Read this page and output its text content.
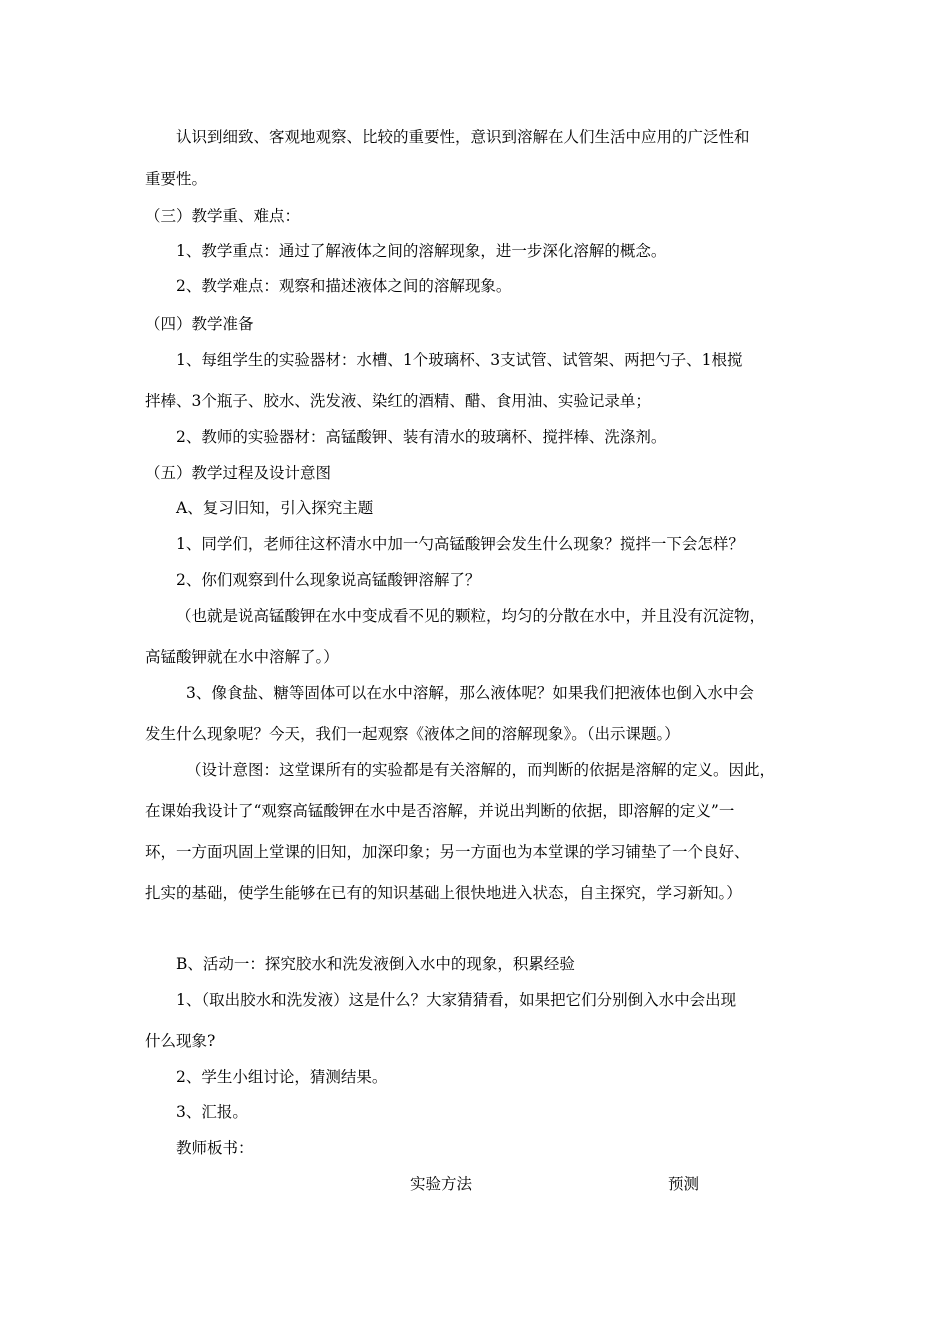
认识到细致、客观地观察、比较的重要性，意识到溶解在人们生活中应用的广泛性和

重要性。

（三）教学重、难点：

1、教学重点：通过了解液体之间的溶解现象，进一步深化溶解的概念。

2、教学难点：观察和描述液体之间的溶解现象。

（四）教学准备

1、每组学生的实验器材：水槽、1个玻璃杯、3支试管、试管架、两把勺子、1根搅

拌棒、3个瓶子、胶水、洗发液、染红的酒精、醋、食用油、实验记录单；

2、教师的实验器材：高锰酸钾、装有清水的玻璃杯、搅拌棒、洗涤剂。

（五）教学过程及设计意图

A、复习旧知，引入探究主题

1、同学们，老师往这杯清水中加一勺高锰酸钾会发生什么现象？搅拌一下会怎样？

2、你们观察到什么现象说高锰酸钾溶解了？

（也就是说高锰酸钾在水中变成看不见的颗粒，均匀的分散在水中，并且没有沉淀物，

高锰酸钾就在水中溶解了。）

3、像食盐、糖等固体可以在水中溶解，那么液体呢？如果我们把液体也倒入水中会

发生什么现象呢？今天，我们一起观察《液体之间的溶解现象》。（出示课题。）

（设计意图：这堂课所有的实验都是有关溶解的，而判断的依据是溶解的定义。因此，

在课始我设计了“观察高锰酸钾在水中是否溶解，并说出判断的依据，即溶解的定义”一

环，一方面巩固上堂课的旧知，加深印象；另一方面也为本堂课的学习铺垫了一个良好、

扎实的基础，使学生能够在已有的知识基础上很快地进入状态，自主探究，学习新知。）

B、活动一：探究胶水和洗发液倒入水中的现象，积累经验

1、（取出胶水和洗发液）这是什么？大家猜猜看，如果把它们分别倒入水中会出现

什么现象?

2、学生小组讨论，猜测结果。

3、汇报。

教师板书：

实验方法	预测
